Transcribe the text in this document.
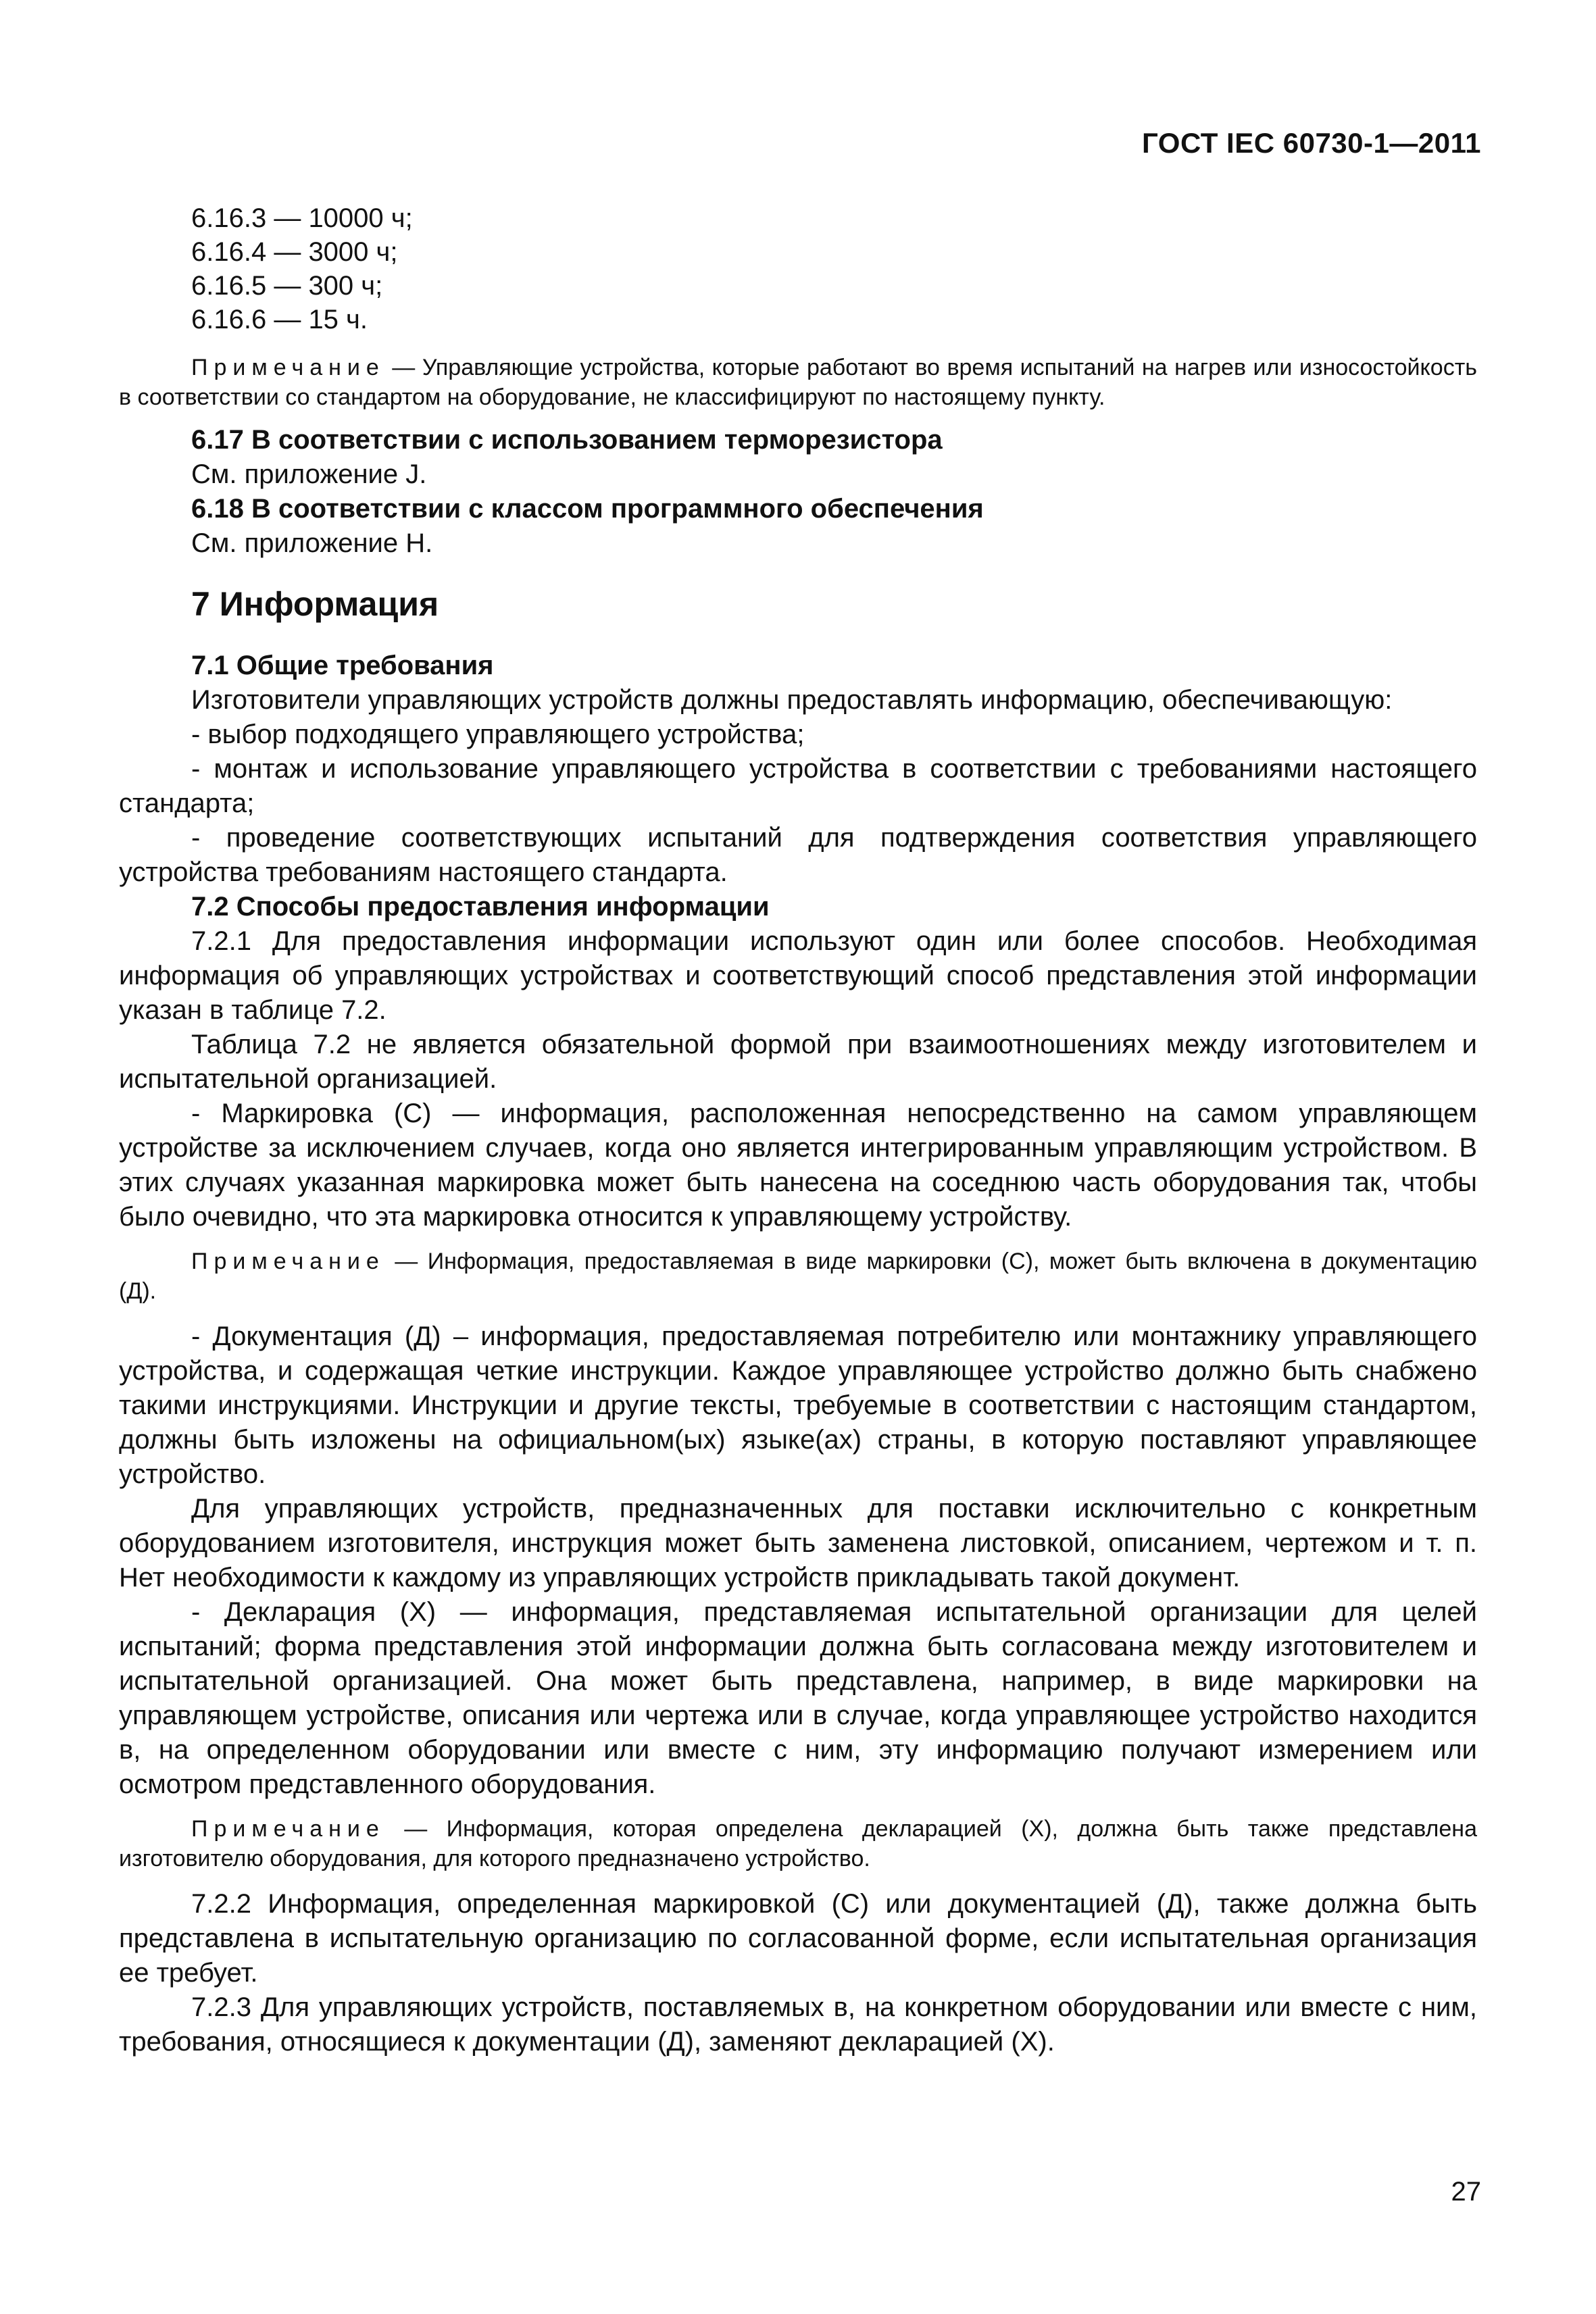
ГОСТ IEC 60730-1—2011

6.16.3 — 10000 ч;

6.16.4 — 3000 ч;

6.16.5 — 300 ч;

6.16.6 — 15 ч.

Примечание — Управляющие устройства, которые работают во время испытаний на нагрев или износостойкость в соответствии со стандартом на оборудование, не классифицируют по настоящему пункту.

6.17 В соответствии с использованием терморезистора

См. приложение J.

6.18 В соответствии с классом программного обеспечения

См. приложение H.

7 Информация

7.1 Общие требования

Изготовители управляющих устройств должны предоставлять информацию, обеспечивающую:

- выбор подходящего управляющего устройства;

- монтаж и использование управляющего устройства в соответствии с требованиями настоящего стандарта;

- проведение соответствующих испытаний для подтверждения соответствия управляющего устройства требованиям настоящего стандарта.

7.2 Способы предоставления информации

7.2.1 Для предоставления информации используют один или более способов. Необходимая информация об управляющих устройствах и соответствующий способ представления этой информации указан в таблице 7.2.

Таблица 7.2 не является обязательной формой при взаимоотношениях между изготовителем и испытательной организацией.

- Маркировка (С) — информация, расположенная непосредственно на самом управляющем устройстве за исключением случаев, когда оно является интегрированным управляющим устройством. В этих случаях указанная маркировка может быть нанесена на соседнюю часть оборудования так, чтобы было очевидно, что эта маркировка относится к управляющему устройству.

Примечание — Информация, предоставляемая в виде маркировки (С), может быть включена в документацию (Д).

- Документация (Д) – информация, предоставляемая потребителю или монтажнику управляющего устройства, и содержащая четкие инструкции. Каждое управляющее устройство должно быть снабжено такими инструкциями. Инструкции и другие тексты, требуемые в соответствии с настоящим стандартом, должны быть изложены на официальном(ых) языке(ах) страны, в которую поставляют управляющее устройство.

Для управляющих устройств, предназначенных для поставки исключительно с конкретным оборудованием изготовителя, инструкция может быть заменена листовкой, описанием, чертежом и т. п. Нет необходимости к каждому из управляющих устройств прикладывать такой документ.

- Декларация (Х) — информация, представляемая испытательной организации для целей испытаний; форма представления этой информации должна быть согласована между изготовителем и испытательной организацией. Она может быть представлена, например, в виде маркировки на управляющем устройстве, описания или чертежа или в случае, когда управляющее устройство находится в, на определенном оборудовании или вместе с ним, эту информацию получают измерением или осмотром представленного оборудования.

Примечание — Информация, которая определена декларацией (Х), должна быть также представлена изготовителю оборудования, для которого предназначено устройство.

7.2.2 Информация, определенная маркировкой (С) или документацией (Д), также должна быть представлена в испытательную организацию по согласованной форме, если испытательная организация ее требует.

7.2.3 Для управляющих устройств, поставляемых в, на конкретном оборудовании или вместе с ним, требования, относящиеся к документации (Д), заменяют декларацией (Х).

27
